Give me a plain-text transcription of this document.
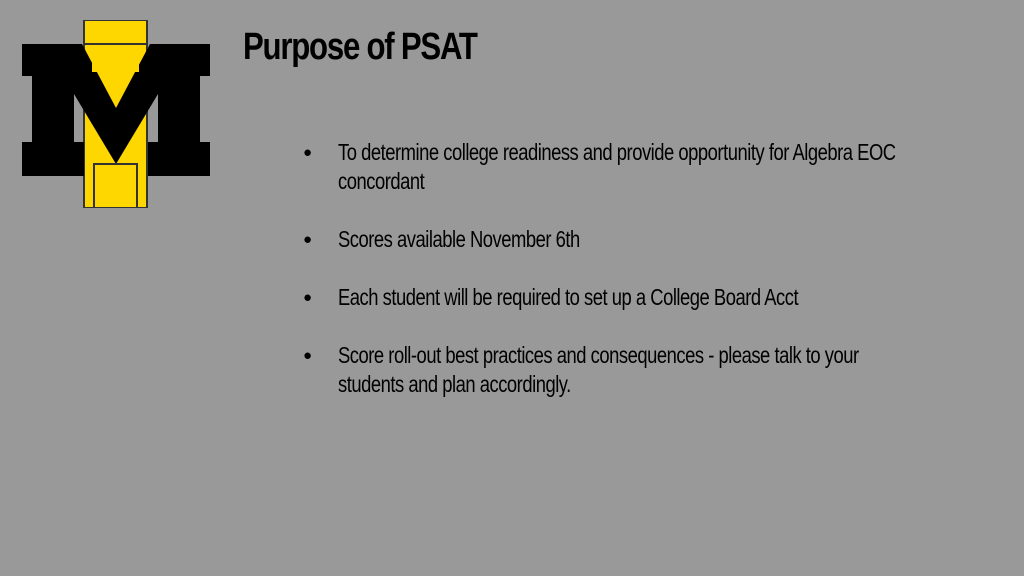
Purpose of PSAT
● To determine college readiness and provide opportunity for Algebra EOC concordant
● Scores available November 6th
● Each student will be required to set up a College Board Acct
● Score roll-out best practices and consequences - please talk to your students and plan accordingly.
